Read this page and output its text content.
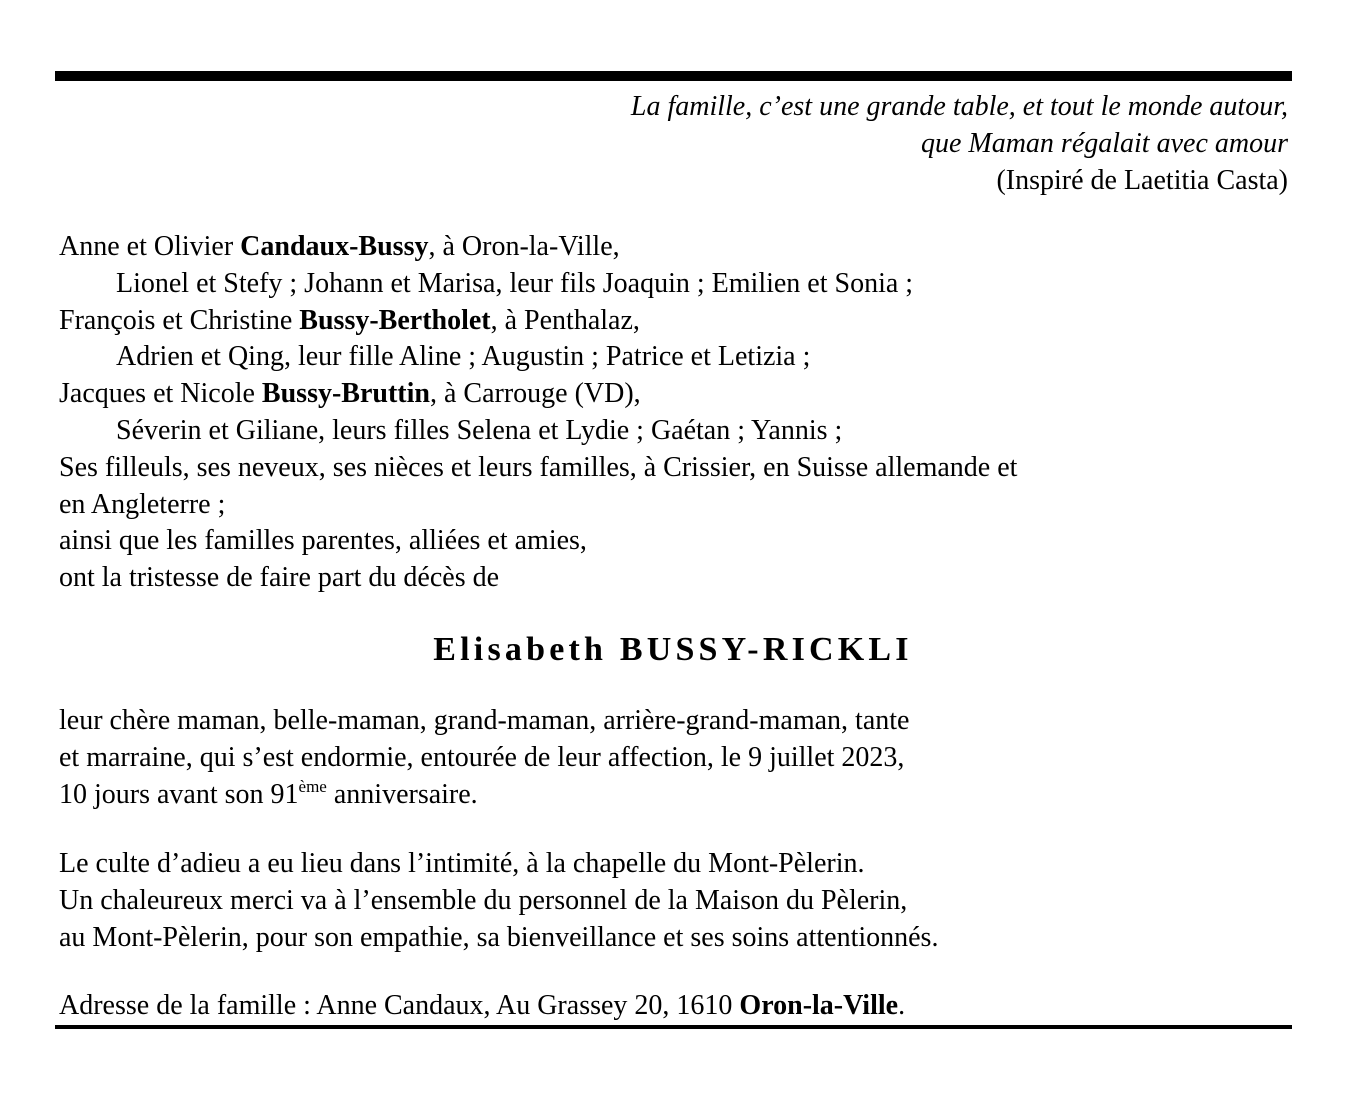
La famille, c’est une grande table, et tout le monde autour,
que Maman régalait avec amour
(Inspiré de Laetitia Casta)
Anne et Olivier Candaux-Bussy, à Oron-la-Ville,
Lionel et Stefy ; Johann et Marisa, leur fils Joaquin ; Emilien et Sonia ;
François et Christine Bussy-Bertholet, à Penthalaz,
Adrien et Qing, leur fille Aline ; Augustin ; Patrice et Letizia ;
Jacques et Nicole Bussy-Bruttin, à Carrouge (VD),
Séverin et Giliane, leurs filles Selena et Lydie ; Gaétan ; Yannis ;
Ses filleuls, ses neveux, ses nièces et leurs familles, à Crissier, en Suisse allemande et
en Angleterre ;
ainsi que les familles parentes, alliées et amies,
ont la tristesse de faire part du décès de
Elisabeth BUSSY-RICKLI
leur chère maman, belle-maman, grand-maman, arrière-grand-maman, tante
et marraine, qui s’est endormie, entourée de leur affection, le 9 juillet 2023,
10 jours avant son 91ème anniversaire.
Le culte d’adieu a eu lieu dans l’intimité, à la chapelle du Mont-Pèlerin.
Un chaleureux merci va à l’ensemble du personnel de la Maison du Pèlerin,
au Mont-Pèlerin, pour son empathie, sa bienveillance et ses soins attentionnés.
Adresse de la famille : Anne Candaux, Au Grassey 20, 1610 Oron-la-Ville.
